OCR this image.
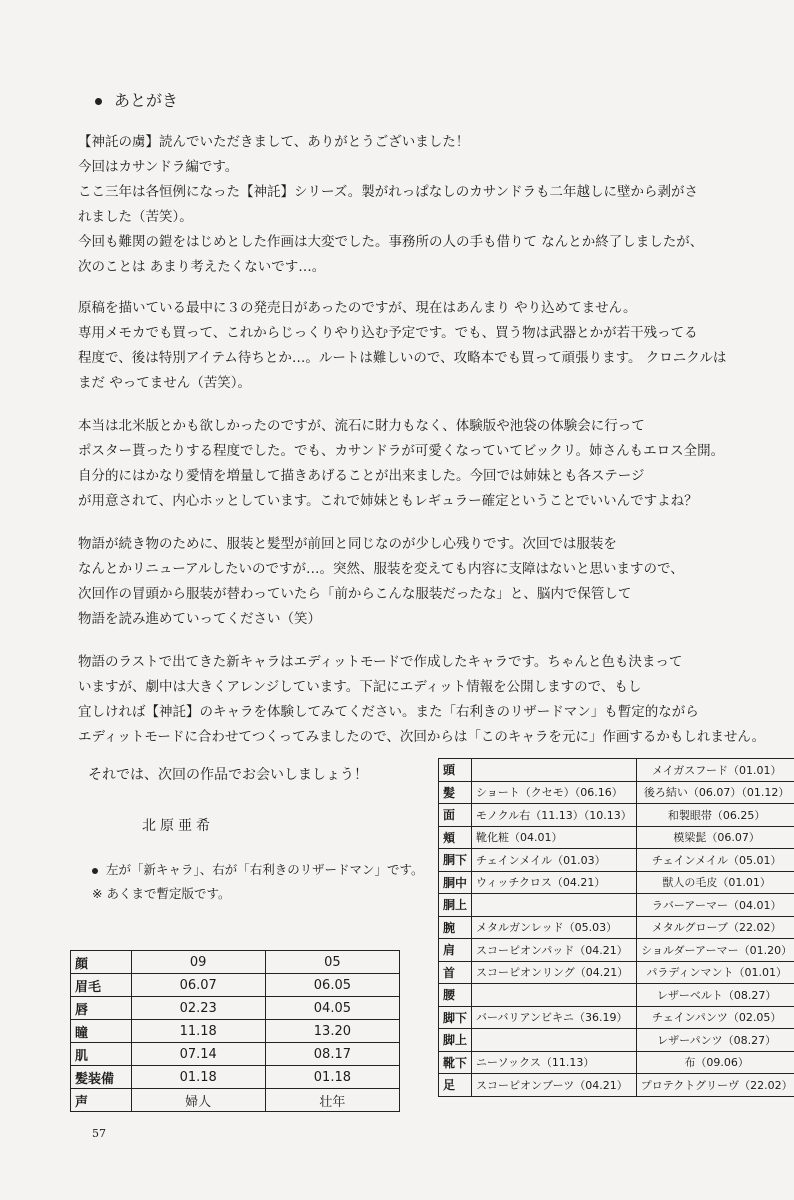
あとがき
【神託の虜】読んでいただきまして、ありがとうございました！
今回はカサンドラ編です。
ここ三年は各恒例になった【神託】シリーズ。製がれっぱなしのカサンドラも二年越しに壁から剥がさ
れました（苦笑）。
今回も難関の鎧をはじめとした作画は大変でした。事務所の人の手も借りて なんとか終了しましたが、
次のことは あまり考えたくないです…。
原稿を描いている最中に３の発売日があったのですが、現在はあんまり やり込めてません。
専用メモカでも買って、これからじっくりやり込む予定です。でも、買う物は武器とかが若干残ってる
程度で、後は特別アイテム待ちとか…。ルートは難しいので、攻略本でも買って頑張ります。 クロニクルは
まだ やってません（苦笑）。
本当は北米版とかも欲しかったのですが、流石に財力もなく、体験版や池袋の体験会に行って
ポスター貰ったりする程度でした。でも、カサンドラが可愛くなっていてビックリ。姉さんもエロス全開。
自分的にはかなり愛情を増量して描きあげることが出来ました。今回では姉妹とも各ステージ
が用意されて、内心ホッとしています。これで姉妹ともレギュラー確定ということでいいんですよね？
物語が続き物のために、服装と髪型が前回と同じなのが少し心残りです。次回では服装を
なんとかリニューアルしたいのですが…。突然、服装を変えても内容に支障はないと思いますので、
次回作の冒頭から服装が替わっていたら「前からこんな服装だったな」と、脳内で保管して
物語を読み進めていってください（笑）
物語のラストで出てきた新キャラはエディットモードで作成したキャラです。ちゃんと色も決まって
いますが、劇中は大きくアレンジしています。下記にエディット情報を公開しますので、もし
宜しければ【神託】のキャラを体験してみてください。また「右利きのリザードマン」も暫定的ながら
エディットモードに合わせてつくってみましたので、次回からは「このキャラを元に」作画するかもしれません。
それでは、次回の作品でお会いしましょう！
北原亜希
左が「新キャラ」、右が「右利きのリザードマン」です。
※ あくまで暫定版です。
顔	09	05
眉毛	06.07	06.05
唇	02.23	04.05
瞳	11.18	13.20
肌	07.14	08.17
髪装備	01.18	01.18
声	婦人	壮年
頭		メイガスフード（01.01）
髪	ショート（クセモ）（06.16）	後ろ結い（06.07）（01.12）
面	モノクル右（11.13）（10.13）	和製眼帯（06.25）
頬	靴化粧（04.01）	模梁髭（06.07）
胴下	チェインメイル（01.03）	チェインメイル（05.01）
胴中	ウィッチクロス（04.21）	獣人の毛皮（01.01）
胴上		ラバーアーマー（04.01）
腕	メタルガンレッド（05.03）	メタルグローブ（22.02）
肩	スコーピオンパッド（04.21）	ショルダーアーマー（01.20）
首	スコーピオンリング（04.21）	パラディンマント（01.01）
腰		レザーベルト（08.27）
脚下	バーバリアンビキニ（36.19）	チェインパンツ（02.05）
脚上		レザーパンツ（08.27）
靴下	ニーソックス（11.13）	布（09.06）
足	スコーピオンブーツ（04.21）	プロテクトグリーヴ（22.02）
57
